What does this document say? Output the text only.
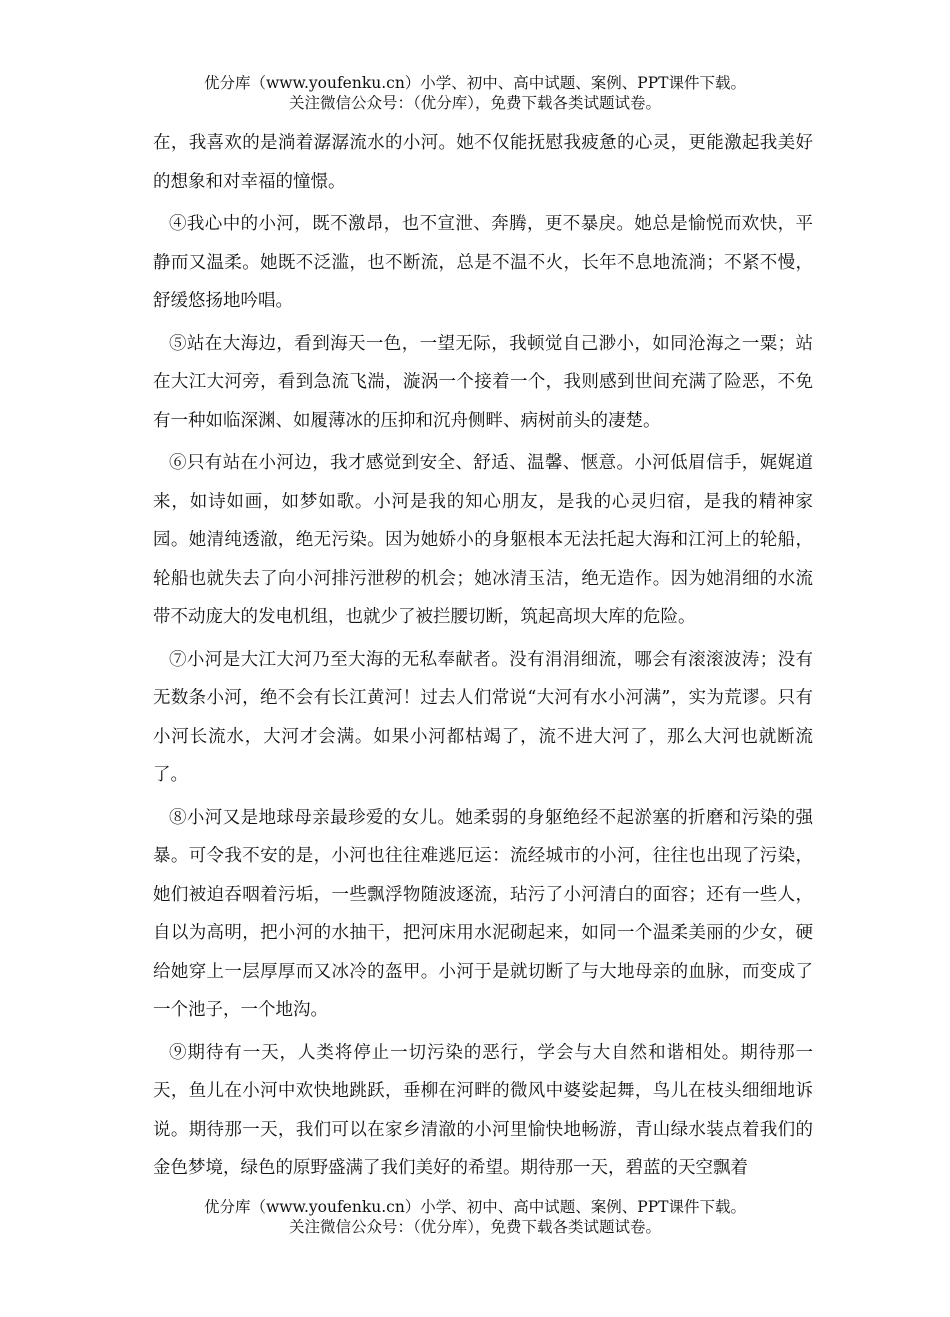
优分库（www.youfenku.cn）小学、初中、高中试题、案例、PPT课件下载。
关注微信公众号：（优分库），免费下载各类试题试卷。

在，我喜欢的是淌着潺潺流水的小河。她不仅能抚慰我疲惫的心灵，更能激起我美好的想象和对幸福的憧憬。

④我心中的小河，既不激昂，也不宣泄、奔腾，更不暴戾。她总是愉悦而欢快，平静而又温柔。她既不泛滥，也不断流，总是不温不火，长年不息地流淌；不紧不慢，舒缓悠扬地吟唱。

⑤站在大海边，看到海天一色，一望无际，我顿觉自己渺小，如同沧海之一粟；站在大江大河旁，看到急流飞湍，漩涡一个接着一个，我则感到世间充满了险恶，不免有一种如临深渊、如履薄冰的压抑和沉舟侧畔、病树前头的凄楚。

⑥只有站在小河边，我才感觉到安全、舒适、温馨、惬意。小河低眉信手，娓娓道来，如诗如画，如梦如歌。小河是我的知心朋友，是我的心灵归宿，是我的精神家园。她清纯透澈，绝无污染。因为她娇小的身躯根本无法托起大海和江河上的轮船，轮船也就失去了向小河排污泄秽的机会；她冰清玉洁，绝无造作。因为她涓细的水流带不动庞大的发电机组，也就少了被拦腰切断，筑起高坝大库的危险。

⑦小河是大江大河乃至大海的无私奉献者。没有涓涓细流，哪会有滚滚波涛；没有无数条小河，绝不会有长江黄河！过去人们常说“大河有水小河满”，实为荒谬。只有小河长流水，大河才会满。如果小河都枯竭了，流不进大河了，那么大河也就断流了。

⑧小河又是地球母亲最珍爱的女儿。她柔弱的身躯绝经不起淤塞的折磨和污染的强暴。可令我不安的是，小河也往往难逃厄运：流经城市的小河，往往也出现了污染，她们被迫吞咽着污垢，一些飘浮物随波逐流，玷污了小河清白的面容；还有一些人，自以为高明，把小河的水抽干，把河床用水泥砌起来，如同一个温柔美丽的少女，硬给她穿上一层厚厚而又冰冷的盔甲。小河于是就切断了与大地母亲的血脉，而变成了一个池子，一个地沟。

⑨期待有一天，人类将停止一切污染的恶行，学会与大自然和谐相处。期待那一天，鱼儿在小河中欢快地跳跃，垂柳在河畔的微风中婆娑起舞，鸟儿在枝头细细地诉说。期待那一天，我们可以在家乡清澈的小河里愉快地畅游，青山绿水装点着我们的金色梦境，绿色的原野盛满了我们美好的希望。期待那一天，碧蓝的天空飘着

优分库（www.youfenku.cn）小学、初中、高中试题、案例、PPT课件下载。
关注微信公众号：（优分库），免费下载各类试题试卷。
